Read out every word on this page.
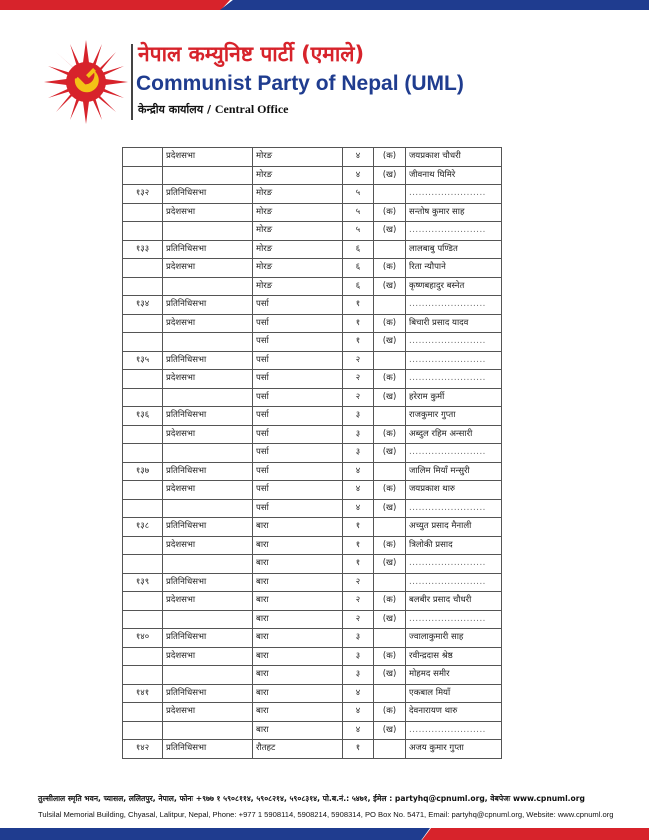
नेपाल कम्युनिष्ट पार्टी (एमाले)
Communist Party of Nepal (UML)
केन्द्रीय कार्यालय / Central Office
	प्रदेशसभा	मोरङ	४	(क)	जयप्रकाश चौधरी
		मोरङ	४	(ख)	जीवनाथ घिमिरे
१३२	प्रतिनिधिसभा	मोरङ	५		........................
	प्रदेशसभा	मोरङ	५	(क)	सन्तोष कुमार साह
		मोरङ	५	(ख)	........................
१३३	प्रतिनिधिसभा	मोरङ	६		लालबाबु पण्डित
	प्रदेशसभा	मोरङ	६	(क)	रिता न्यौपाने
		मोरङ	६	(ख)	कृष्णबहादुर बस्नेत
१३४	प्रतिनिधिसभा	पर्सा	१		........................
	प्रदेशसभा	पर्सा	१	(क)	बिचारी प्रसाद यादव
		पर्सा	१	(ख)	........................
१३५	प्रतिनिधिसभा	पर्सा	२		........................
	प्रदेशसभा	पर्सा	२	(क)	........................
		पर्सा	२	(ख)	हरेराम कुर्मी
१३६	प्रतिनिधिसभा	पर्सा	३		राजकुमार गुप्ता
	प्रदेशसभा	पर्सा	३	(क)	अब्दुल रहिम अन्सारी
		पर्सा	३	(ख)	........................
१३७	प्रतिनिधिसभा	पर्सा	४		जालिम मियाँ मन्सुरी
	प्रदेशसभा	पर्सा	४	(क)	जयप्रकाश थारु
		पर्सा	४	(ख)	........................
१३८	प्रतिनिधिसभा	बारा	१		अच्युत प्रसाद मैनाली
	प्रदेशसभा	बारा	१	(क)	त्रिलोकी प्रसाद
		बारा	१	(ख)	........................
१३९	प्रतिनिधिसभा	बारा	२		........................
	प्रदेशसभा	बारा	२	(क)	बलबीर प्रसाद चौधरी
		बारा	२	(ख)	........................
१४०	प्रतिनिधिसभा	बारा	३		ज्वालाकुमारी साह
	प्रदेशसभा	बारा	३	(क)	रवीन्द्रदास श्रेष्ठ
		बारा	३	(ख)	मोहमद समीर
१४१	प्रतिनिधिसभा	बारा	४		एकबाल मियाँ
	प्रदेशसभा	बारा	४	(क)	देवनारायण थारु
		बारा	४	(ख)	........................
१४२	प्रतिनिधिसभा	रौतहट	१		अजय कुमार गुप्ता
तुल्सीलाल स्मृति भवन, च्यासल, ललितपुर, नेपाल, फोनः +९७७ १ ५९०८११४, ५९०८२१४, ५९०८३१४, पो.ब.नं.: ५४७१, ईमेल : partyhq@cpnuml.org, वेबपेजः www.cpnuml.org
Tulsilal Memorial Building, Chyasal, Lalitpur, Nepal, Phone: +977 1 5908114, 5908214, 5908314, PO Box No. 5471, Email: partyhq@cpnuml.org, Website: www.cpnuml.org
